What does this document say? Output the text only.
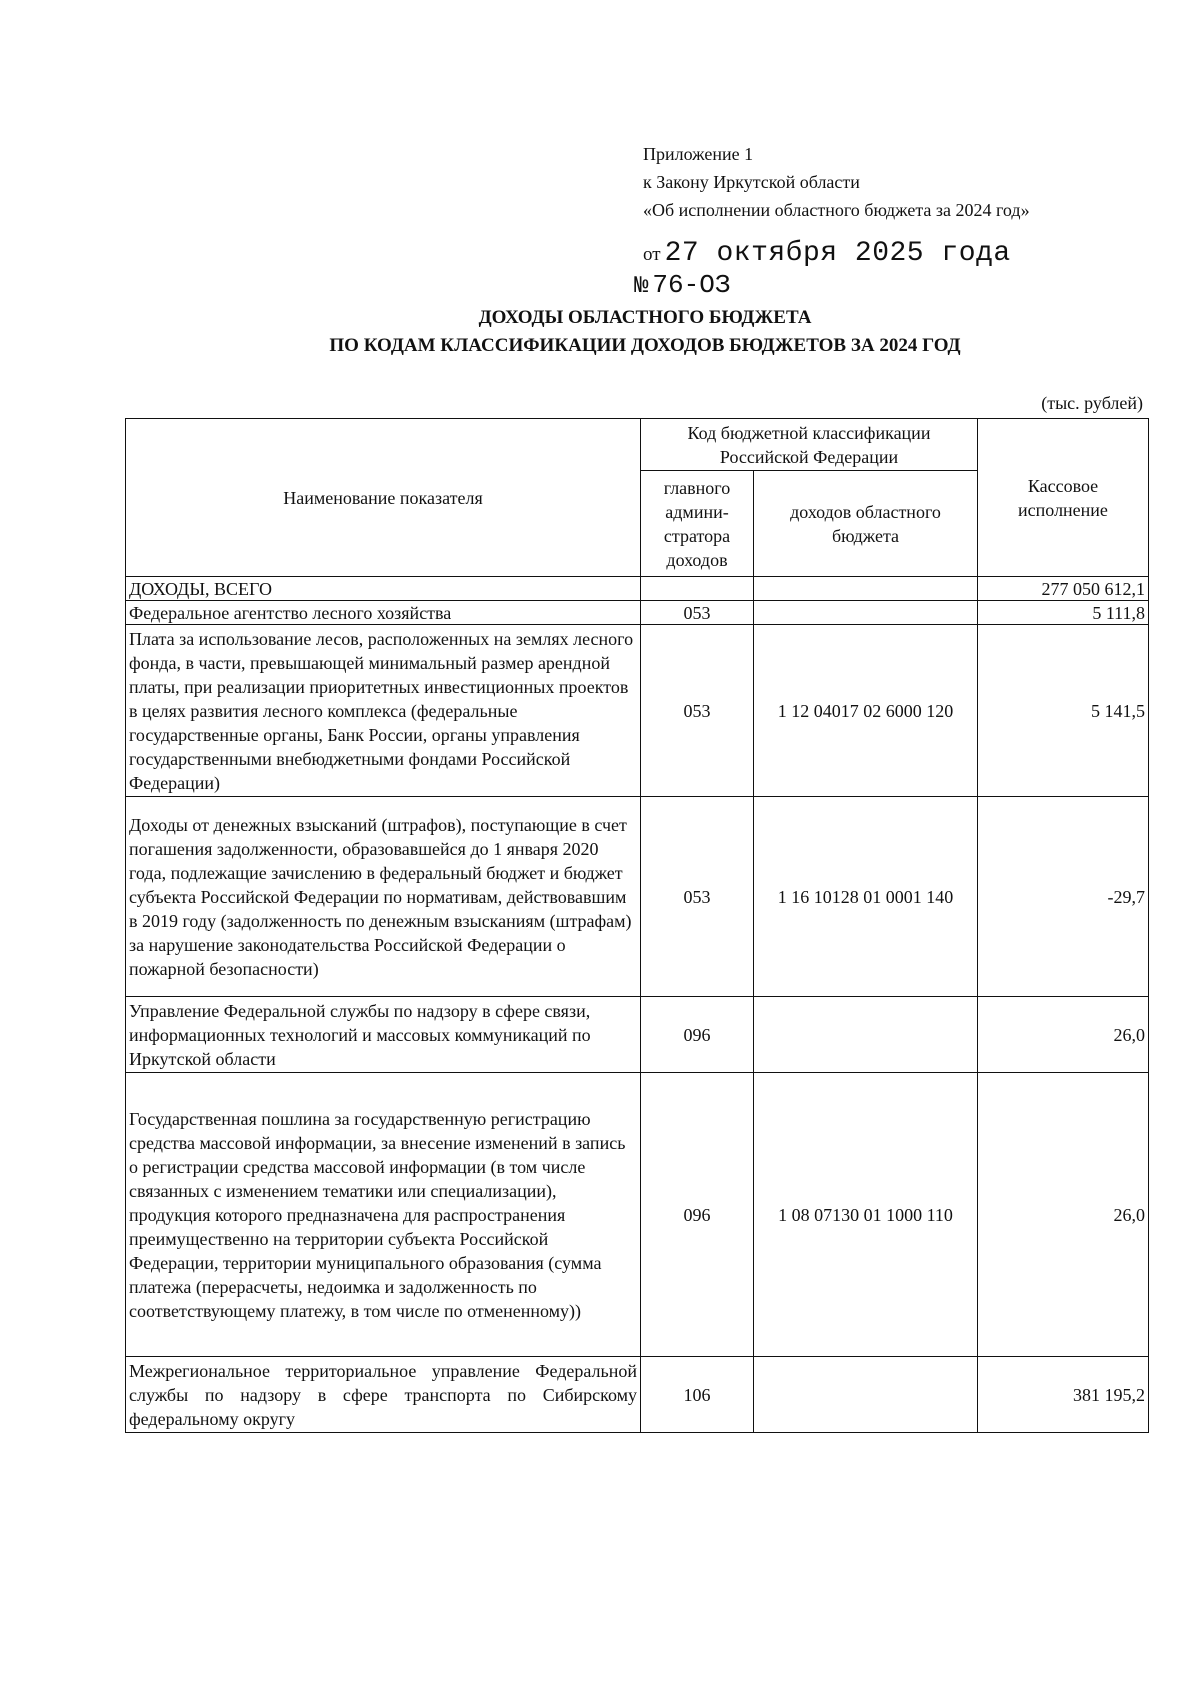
Приложение 1
к Закону Иркутской области
«Об исполнении областного бюджета за 2024 год»
от 27 октября 2025 года
№ 76-ОЗ
ДОХОДЫ ОБЛАСТНОГО БЮДЖЕТА
ПО КОДАМ КЛАССИФИКАЦИИ ДОХОДОВ БЮДЖЕТОВ ЗА 2024 ГОД
(тыс. рублей)
Наименование показателя	Код бюджетной классификации Российской Федерации		Кассовое исполнение
	главного админи-стратора доходов	доходов областного бюджета	
ДОХОДЫ, ВСЕГО			277 050 612,1
Федеральное агентство лесного хозяйства	053		5 111,8
Плата за использование лесов, расположенных на землях лесного фонда, в части, превышающей минимальный размер арендной платы, при реализации приоритетных инвестиционных проектов в целях развития лесного комплекса (федеральные государственные органы, Банк России, органы управления государственными внебюджетными фондами Российской Федерации)	053	1 12 04017 02 6000 120	5 141,5
Доходы от денежных взысканий (штрафов), поступающие в счет погашения задолженности, образовавшейся до 1 января 2020 года, подлежащие зачислению в федеральный бюджет и бюджет субъекта Российской Федерации по нормативам, действовавшим в 2019 году (задолженность по денежным взысканиям (штрафам) за нарушение законодательства Российской Федерации о пожарной безопасности)	053	1 16 10128 01 0001 140	-29,7
Управление Федеральной службы по надзору в сфере связи, информационных технологий и массовых коммуникаций по Иркутской области	096		26,0
Государственная пошлина за государственную регистрацию средства массовой информации, за внесение изменений в запись о регистрации средства массовой информации (в том числе связанных с изменением тематики или специализации), продукция которого предназначена для распространения преимущественно на территории субъекта Российской Федерации, территории муниципального образования (сумма платежа (перерасчеты, недоимка и задолженность по соответствующему платежу, в том числе по отмененному))	096	1 08 07130 01 1000 110	26,0
Межрегиональное территориальное управление Федеральной службы по надзору в сфере транспорта по Сибирскому федеральному округу	106		381 195,2
